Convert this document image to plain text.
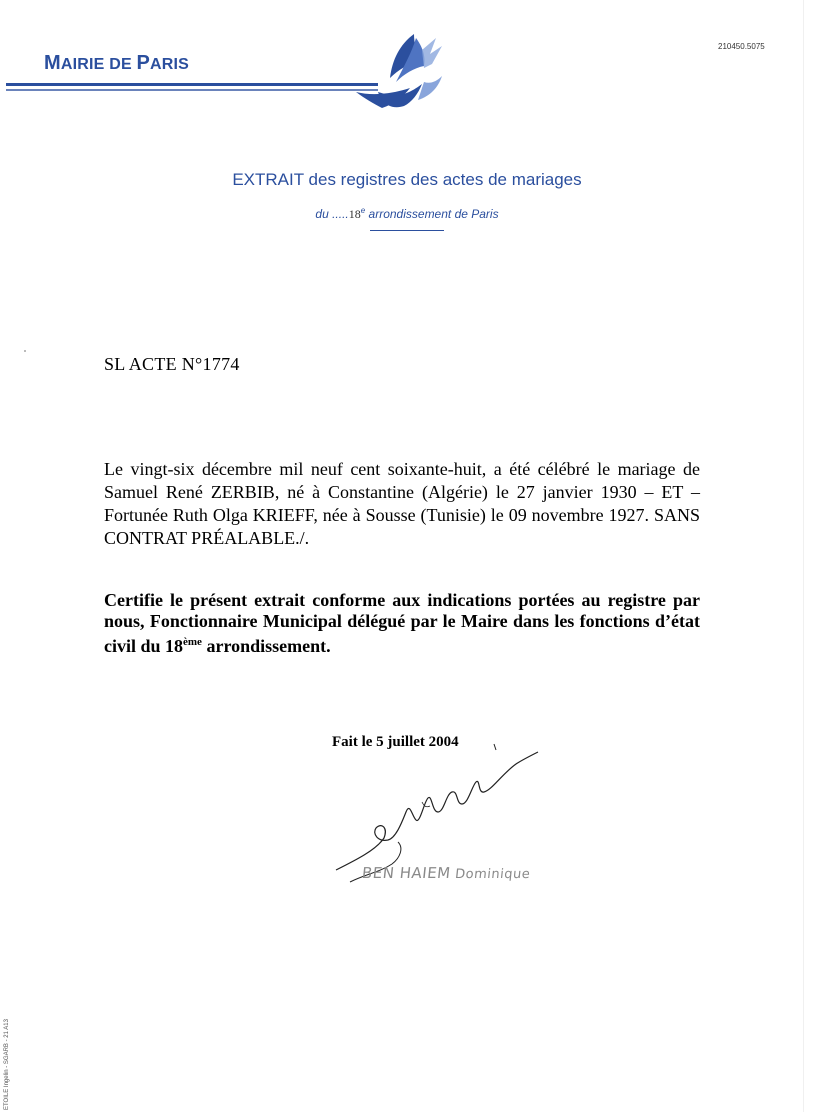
210450.5075
MAIRIE DE PARIS
EXTRAIT des registres des actes de mariages
du .....18e arrondissement de Paris
SL ACTE N°1774
Le vingt-six décembre mil neuf cent soixante-huit, a été célébré le mariage de Samuel René ZERBIB, né à Constantine (Algérie) le 27 janvier 1930 – ET – Fortunée Ruth Olga KRIEFF, née à Sousse (Tunisie) le 09 novembre 1927. SANS CONTRAT PRÉALABLE./.
Certifie le présent extrait conforme aux indications portées au registre par nous, Fonctionnaire Municipal délégué par le Maire dans les fonctions d’état civil du 18ème arrondissement.
Fait le 5 juillet 2004
BEN HAIEM Dominique
ETOILE Ingelin - SGARB - 21 A13
